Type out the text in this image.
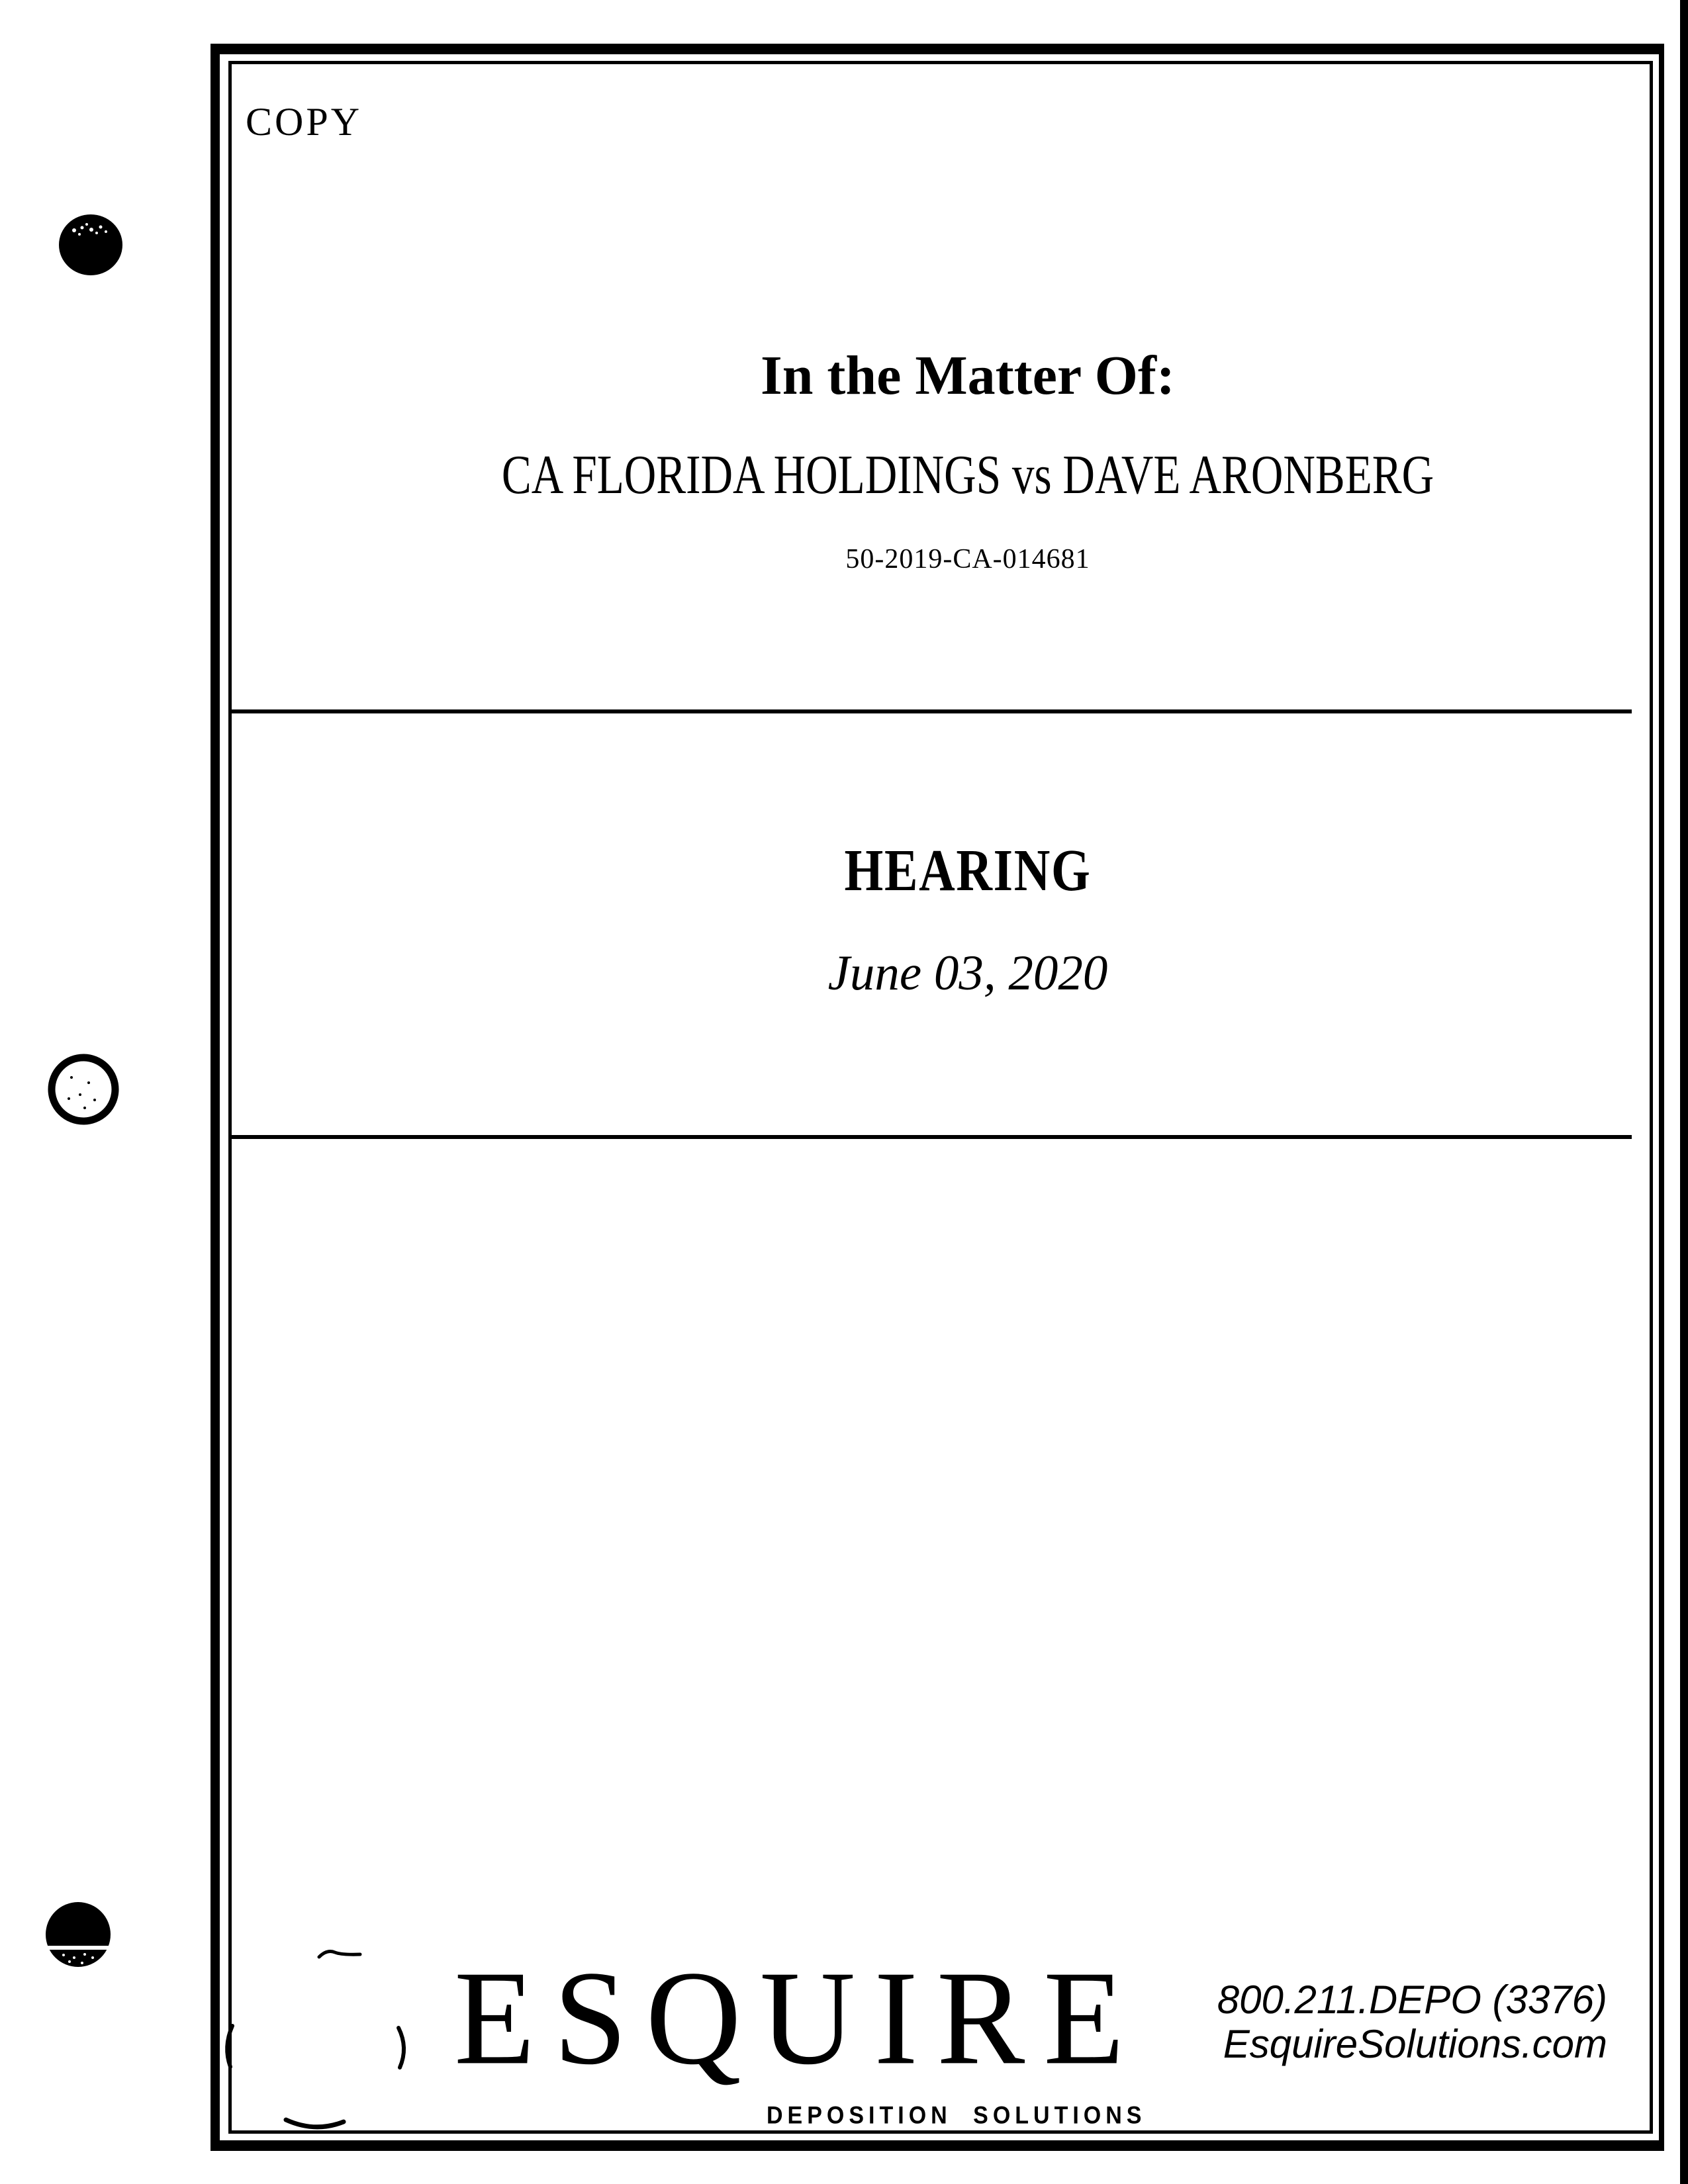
COPY
In the Matter Of:
CA FLORIDA HOLDINGS vs DAVE ARONBERG
50-2019-CA-014681
HEARING
June 03, 2020
ESQUIRE
DEPOSITION SOLUTIONS
800.211.DEPO (3376)
EsquireSolutions.com
